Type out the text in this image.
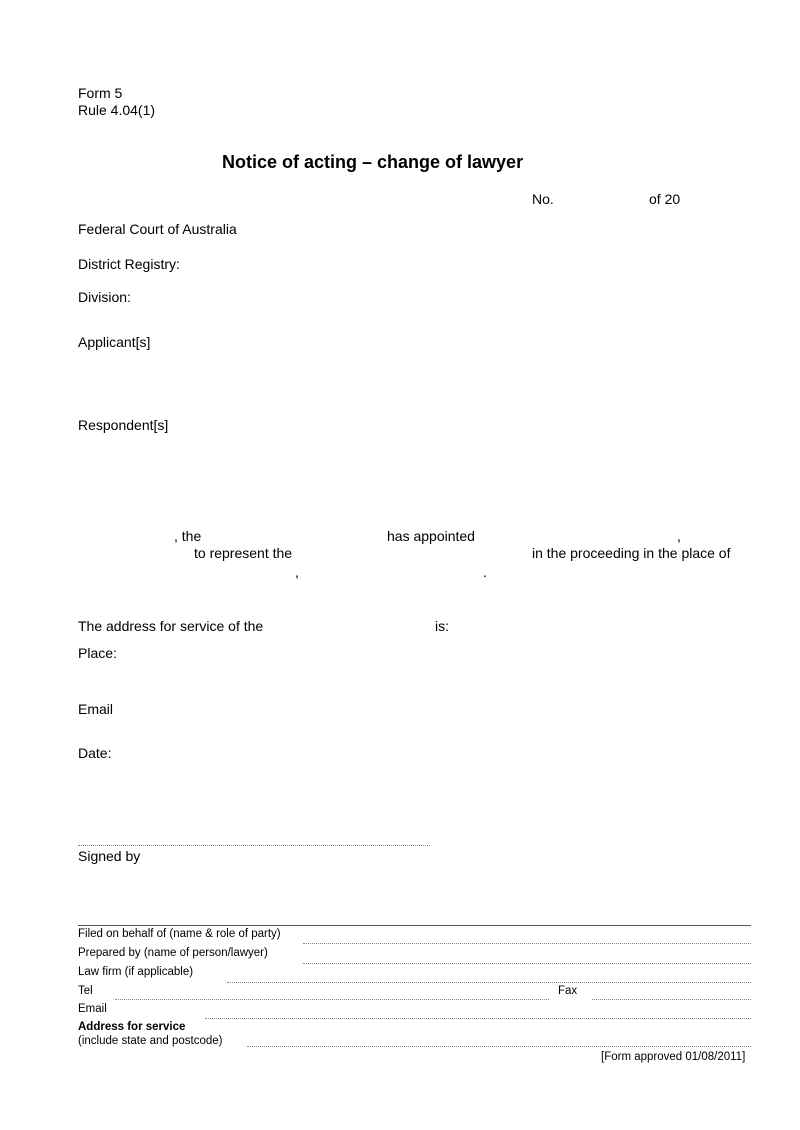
Form 5
Rule 4.04(1)
Notice of acting – change of lawyer
No.	of 20
Federal Court of Australia
District Registry:
Division:
Applicant[s]
Respondent[s]
, the	has appointed	,
to represent the	in the proceeding in the place of
,	.
The address for service of the	is:
Place:
Email
Date:
Signed by
Filed on behalf of (name & role of party)
Prepared by (name of person/lawyer)
Law firm (if applicable)
Tel	Fax
Email
Address for service
(include state and postcode)
[Form approved 01/08/2011]
